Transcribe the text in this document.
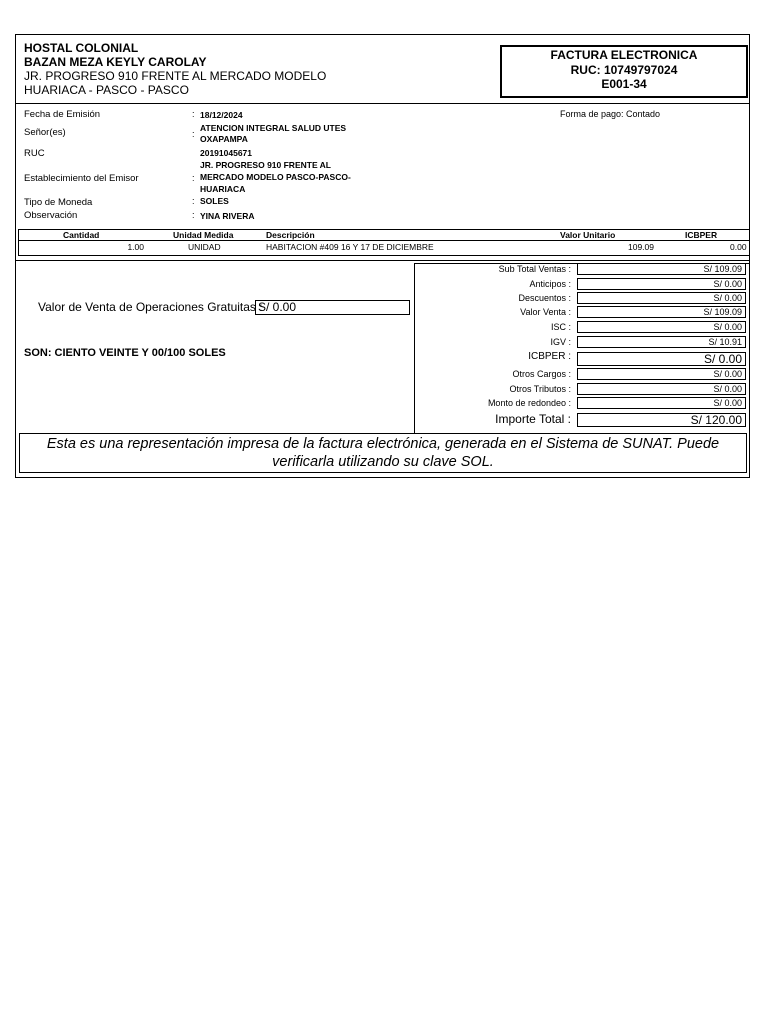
HOSTAL COLONIAL
BAZAN MEZA KEYLY CAROLAY
JR. PROGRESO 910 FRENTE AL MERCADO MODELO
HUARIACA - PASCO - PASCO
FACTURA ELECTRONICA
RUC: 10749797024
E001-34
Fecha de Emisión	: 18/12/2024
Señor(es)	:
ATENCION INTEGRAL SALUD UTES
OXAPAMPA
RUC	20191045671
Establecimiento del Emisor	:
JR. PROGRESO 910 FRENTE AL
MERCADO MODELO PASCO-PASCO-
HUARIACA
Tipo de Moneda	: SOLES
Observación	: YINA RIVERA
Forma de pago: Contado
Cantidad	Unidad Medida	Descripción	Valor Unitario	ICBPER
1.00	UNIDAD	HABITACION #409 16 Y 17 DE DICIEMBRE	109.09	0.00
Valor de Venta de Operaciones Gratuitas :
S/ 0.00
SON: CIENTO VEINTE Y 00/100 SOLES
Sub Total Ventas :	S/ 109.09
Anticipos :	S/ 0.00
Descuentos :	S/ 0.00
Valor Venta :	S/ 109.09
ISC :	S/ 0.00
IGV :	S/ 10.91
ICBPER :	S/ 0.00
Otros Cargos :	S/ 0.00
Otros Tributos :	S/ 0.00
Monto de redondeo :	S/ 0.00
Importe Total :	S/ 120.00
Esta es una representación impresa de la factura electrónica, generada en el Sistema de SUNAT. Puede
verificarla utilizando su clave SOL.
